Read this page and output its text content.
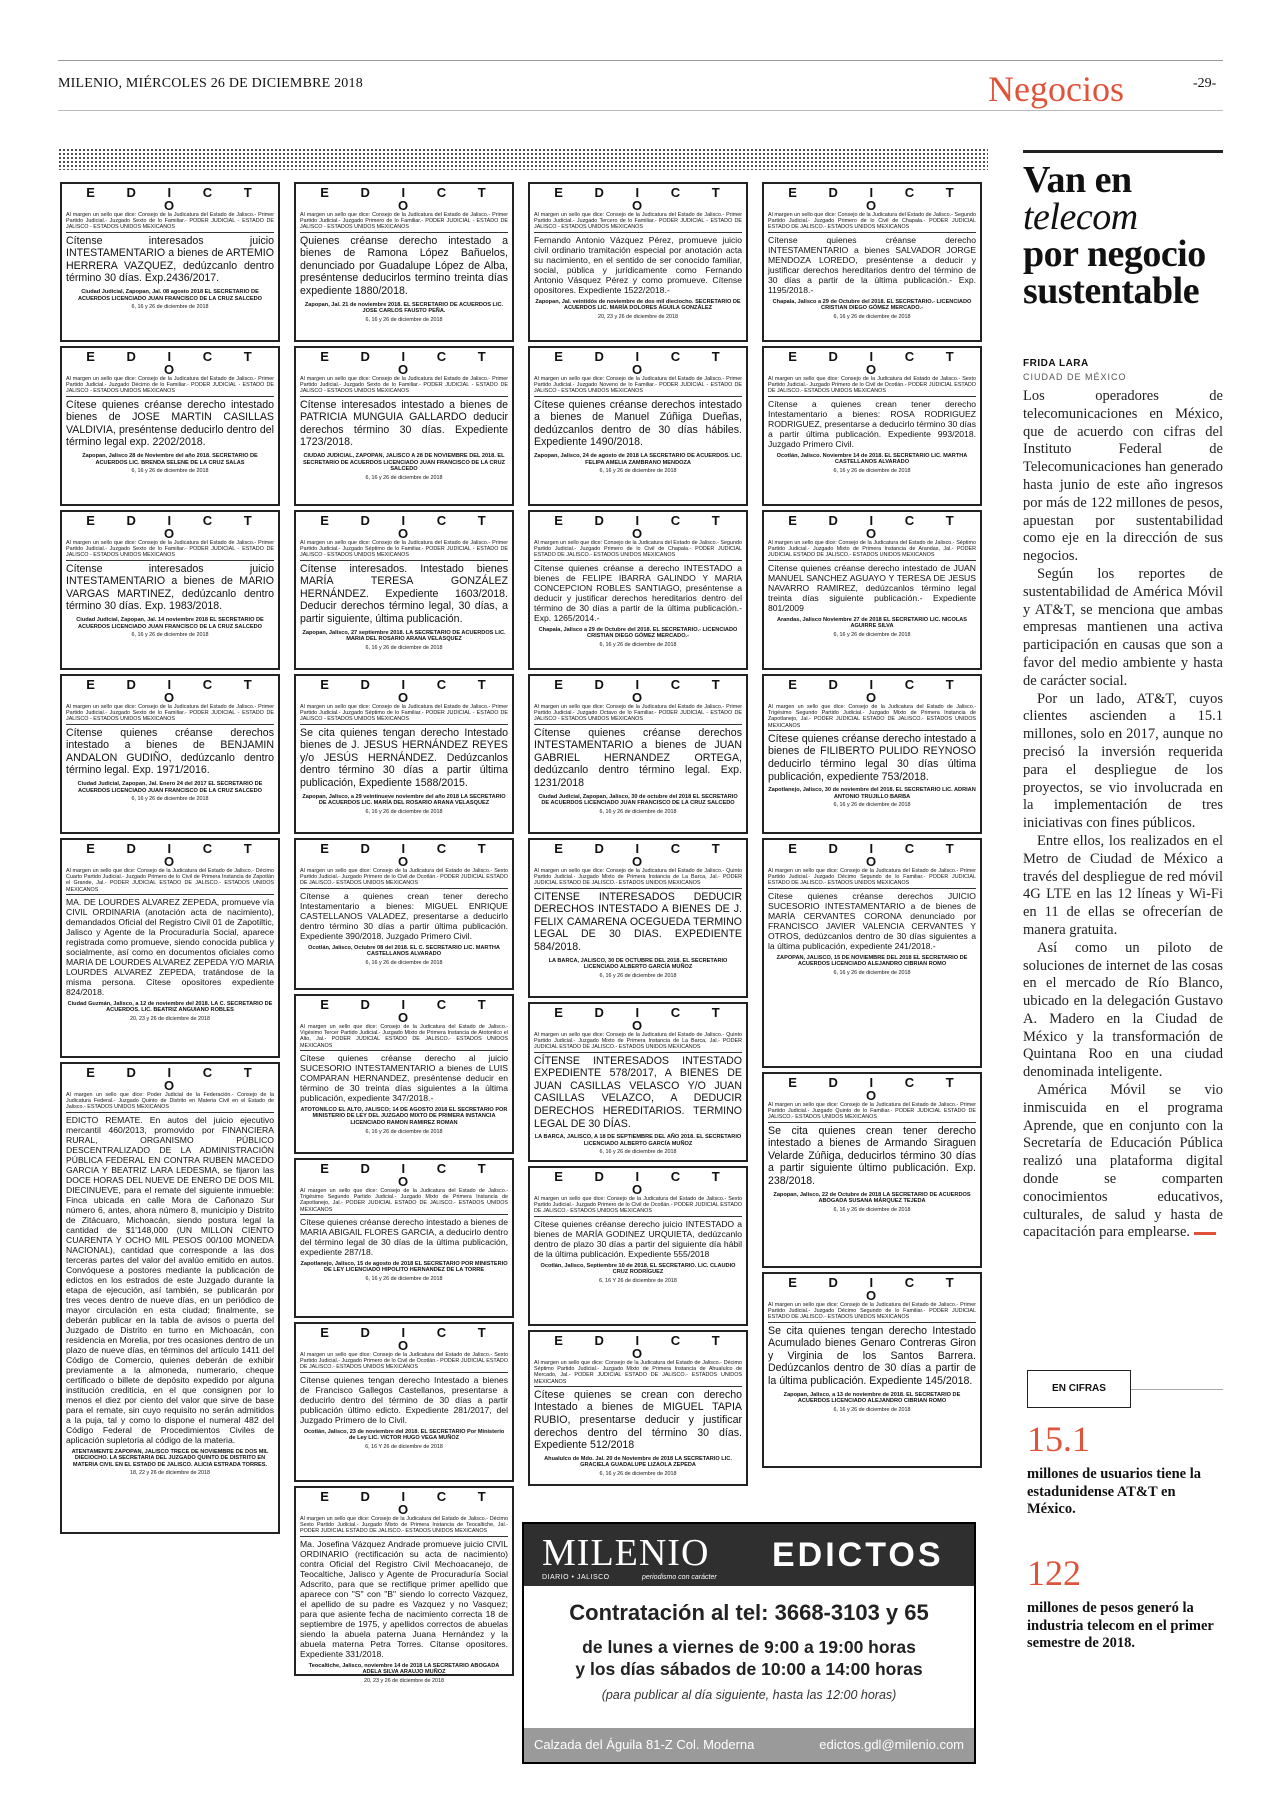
MILENIO, MIÉRCOLES 26 DE DICIEMBRE 2018	Negocios	-29-
E D I C T O
Al margen un sello que dice: Consejo de la Judicatura del Estado de Jalisco.- Primer Partido Judicial.- Juzgado Sexto de lo Familiar.- PODER JUDICIAL - ESTADO DE JALISCO - ESTADOS UNIDOS MEXICANOS
Cítense interesados juicio INTESTAMENTARIO a bienes de ARTEMIO HERRERA VAZQUEZ, dedúzcanlo dentro término 30 días. Exp.2436/2017.
Ciudad Judicial, Zapopan, Jal. 08 agosto 2018 EL SECRETARIO DE ACUERDOS LICENCIADO JUAN FRANCISCO DE LA CRUZ SALCEDO
6, 16 y 26 de diciembre de 2018
E D I C T O
Al margen un sello que dice: Consejo de la Judicatura del Estado de Jalisco.- Primer Partido Judicial.- Juzgado Décimo de lo Familiar.- PODER JUDICIAL - ESTADO DE JALISCO - ESTADOS UNIDOS MEXICANOS
Cítese quienes créanse derecho intestado bienes de JOSE MARTIN CASILLAS VALDIVIA, preséntense deducirlo dentro del término legal exp. 2202/2018.
Zapopan, Jalisco 28 de Noviembre del año 2018. SECRETARIO DE ACUERDOS LIC. BRENDA SELENE DE LA CRUZ SALAS
6, 16 y 26 de diciembre de 2018
E D I C T O
Al margen un sello que dice: Consejo de la Judicatura del Estado de Jalisco.- Primer Partido Judicial.- Juzgado Sexto de lo Familiar.- PODER JUDICIAL - ESTADO DE JALISCO - ESTADOS UNIDOS MEXICANOS
Cítense interesados juicio INTESTAMENTARIO a bienes de MARIO VARGAS MARTINEZ, dedúzcanlo dentro término 30 días. Exp. 1983/2018.
Ciudad Judicial, Zapopan, Jal. 14 noviembre 2018 EL SECRETARIO DE ACUERDOS LICENCIADO JUAN FRANCISCO DE LA CRUZ SALCEDO
6, 16 y 26 de diciembre de 2018
E D I C T O
Al margen un sello que dice: Consejo de la Judicatura del Estado de Jalisco.- Primer Partido Judicial.- Juzgado Sexto de lo Familiar.- PODER JUDICIAL - ESTADO DE JALISCO - ESTADOS UNIDOS MEXICANOS
Cítense quienes créanse derechos intestado a bienes de BENJAMIN ANDALON GUDIÑO, dedúzcanlo dentro término legal. Exp. 1971/2016.
Ciudad Judicial, Zapopan, Jal. Enero 24 del 2017 EL SECRETARIO DE ACUERDOS LICENCIADO JUAN FRANCISCO DE LA CRUZ SALCEDO
6, 16 y 26 de diciembre de 2018
E D I C T O
Al margen un sello que dice: Consejo de la Judicatura del Estado de Jalisco.- Décimo Cuarto Partido Judicial.- Juzgado Primero de lo Civil de Primera Instancia de Zapotlán el Grande, Jal.- PODER JUDICIAL ESTADO DE JALISCO.- ESTADOS UNIDOS MEXICANOS
MA. DE LOURDES ALVAREZ ZEPEDA, promueve vía CIVIL ORDINARIA (anotación acta de nacimiento), demandados Oficial del Registro Civil 01 de Zapotiltic, Jalisco y Agente de la Procuraduría Social, aparece registrada como promueve, siendo conocida publica y socialmente, así como en documentos oficiales como MARIA DE LOURDES ALVAREZ ZEPEDA Y/O MARIA LOURDES ALVAREZ ZEPEDA, tratándose de la misma persona. Cítese opositores expediente 824/2018.
Ciudad Guzmán, Jalisco, a 12 de noviembre del 2018. LA C. SECRETARIO DE ACUERDOS. LIC. BEATRIZ ANGUIANO ROBLES
20, 23 y 26 de diciembre de 2018
E D I C T O
Al margen un sello que dice: Poder Judicial de la Federación.- Consejo de la Judicatura Federal.- Juzgado Quinto de Distrito en Materia Civil en el Estado de Jalisco.- ESTADOS UNIDOS MEXICANOS
EDICTO REMATE. En autos del juicio ejecutivo mercantil 460/2013, promovido por FINANCIERA RURAL, ORGANISMO PÚBLICO DESCENTRALIZADO DE LA ADMINISTRACIÓN PÚBLICA FEDERAL EN CONTRA RUBEN MACEDO GARCIA Y BEATRIZ LARA LEDESMA, se fijaron las DOCE HORAS DEL NUEVE DE ENERO DE DOS MIL DIECINUEVE, para el remate del siguiente inmueble: Finca ubicada en calle Mora de Cañonazo Sur número 6, antes, ahora número 8, municipio y Distrito de Zitácuaro, Michoacán, siendo postura legal la cantidad de $1'148,000 (UN MILLON CIENTO CUARENTA Y OCHO MIL PESOS 00/100 MONEDA NACIONAL), cantidad que corresponde a las dos terceras partes del valor del avalúo emitido en autos. Convóquese a postores mediante la publicación de edictos en los estrados de este Juzgado durante la etapa de ejecución, así también, se publicarán por tres veces dentro de nueve días, en un periódico de mayor circulación en esta ciudad; finalmente, se deberán publicar en la tabla de avisos o puerta del Juzgado de Distrito en turno en Michoacán, con residencia en Morelia, por tres ocasiones dentro de un plazo de nueve días, en términos del artículo 1411 del Código de Comercio, quienes deberán de exhibir previamente a la almoneda, numerario, cheque certificado o billete de depósito expedido por alguna institución crediticia, en el que consignen por lo menos el diez por ciento del valor que sirve de base para el remate, sin cuyo requisito no serán admitidos a la puja, tal y como lo dispone el numeral 482 del Código Federal de Procedimientos Civiles de aplicación supletoria al código de la materia.
ATENTAMENTE ZAPOPAN, JALISCO TRECE DE NOVIEMBRE DE DOS MIL DIECIOCHO. LA SECRETARIA DEL JUZGADO QUINTO DE DISTRITO EN MATERIA CIVIL EN EL ESTADO DE JALISCO. ALICIA ESTRADA TORRES.
18, 22 y 26 de diciembre de 2018
E D I C T O
Al margen un sello que dice: Consejo de la Judicatura del Estado de Jalisco.- Primer Partido Judicial.- Juzgado Primero de lo Familiar.- PODER JUDICIAL - ESTADO DE JALISCO - ESTADOS UNIDOS MEXICANOS
Quienes créanse derecho intestado a bienes de Ramona López Bañuelos, denunciado por Guadalupe López de Alba, preséntense deducirlos termino treinta días expediente 1880/2018.
Zapopan, Jal. 21 de noviembre 2018. EL SECRETARIO DE ACUERDOS LIC. JOSE CARLOS FAUSTO PEÑA.
6, 16 y 26 de diciembre de 2018
E D I C T O
Al margen un sello que dice: Consejo de la Judicatura del Estado de Jalisco.- Primer Partido Judicial.- Juzgado Sexto de lo Familiar.- PODER JUDICIAL - ESTADO DE JALISCO - ESTADOS UNIDOS MEXICANOS
Cítense interesados intestado a bienes de PATRICIA MUNGUIA GALLARDO deducir derechos término 30 días. Expediente 1723/2018.
CIUDAD JUDICIAL, ZAPOPAN, JALISCO A 28 DE NOVIEMBRE DEL 2018. EL SECRETARIO DE ACUERDOS LICENCIADO JUAN FRANCISCO DE LA CRUZ SALCEDO
6, 16 y 26 de diciembre de 2018
E D I C T O
Al margen un sello que dice: Consejo de la Judicatura del Estado de Jalisco.- Primer Partido Judicial.- Juzgado Séptimo de lo Familiar.- PODER JUDICIAL - ESTADO DE JALISCO - ESTADOS UNIDOS MEXICANOS
Cítense interesados. Intestado bienes MARÍA TERESA GONZÁLEZ HERNÁNDEZ. Expediente 1603/2018. Deducir derechos término legal, 30 días, a partir siguiente, última publicación.
Zapopan, Jalisco, 27 septiembre 2018. LA SECRETARIO DE ACUERDOS LIC. MARIA DEL ROSARIO ARANA VELASQUEZ
6, 16 y 26 de diciembre de 2018
E D I C T O
Al margen un sello que dice: Consejo de la Judicatura del Estado de Jalisco.- Primer Partido Judicial.- Juzgado Séptimo de lo Familiar.- PODER JUDICIAL - ESTADO DE JALISCO - ESTADOS UNIDOS MEXICANOS
Se cita quienes tengan derecho Intestado bienes de J. JESUS HERNÁNDEZ REYES y/o JESÚS HERNÁNDEZ. Dedúzcanlos dentro término 30 días a partir última publicación, Expediente 1588/2015.
Zapopan, Jalisco, a 29 veintinueve noviembre del año 2018 LA SECRETARIO DE ACUERDOS LIC. MARÍA DEL ROSARIO ARANA VELASQUEZ
6, 16 y 26 de diciembre de 2018
E D I C T O
Al margen un sello que dice: Consejo de la Judicatura del Estado de Jalisco.- Sexto Partido Judicial.- Juzgado Primero de lo Civil de Ocotlán.- PODER JUDICIAL ESTADO DE JALISCO.- ESTADOS UNIDOS MEXICANOS
Cítense a quienes crean tener derecho Intestamentario a bienes: MIGUEL ENRIQUE CASTELLANOS VALADEZ, presentarse a deducirlo dentro término 30 días a partir última publicación. Expediente 390/2018. Juzgado Primero Civil.
Ocotlán, Jalisco, Octubre 08 del 2018. EL C. SECRETARIO LIC. MARTHA CASTELLANOS ALVARADO
6, 16 y 26 de diciembre de 2018
E D I C T O
Al margen un sello que dice: Consejo de la Judicatura del Estado de Jalisco.- Vigésimo Tercer Partido Judicial.- Juzgado Mixto de Primera Instancia de Atotonilco el Alto, Jal.- PODER JUDICIAL ESTADO DE JALISCO.- ESTADOS UNIDOS MEXICANOS
Cítese quienes créanse derecho al juicio SUCESORIO INTESTAMENTARIO a bienes de LUIS COMPARAN HERNANDEZ, preséntense deducir en término de 30 treinta días siguientes a la última publicación, expediente 347/2018.-
ATOTONILCO EL ALTO, JALISCO; 14 DE AGOSTO 2018 EL SECRETARIO POR MINISTERIO DE LEY DEL JUZGADO MIXTO DE PRIMERA INSTANCIA LICENCIADO RAMON RAMIREZ ROMAN
6, 16 y 26 de diciembre de 2018
E D I C T O
Al margen un sello que dice: Consejo de la Judicatura del Estado de Jalisco.- Trigésimo Segundo Partido Judicial.- Juzgado Mixto de Primera Instancia de Zapotlanejo, Jal.- PODER JUDICIAL ESTADO DE JALISCO.- ESTADOS UNIDOS MEXICANOS
Cítese quienes créanse derecho intestado a bienes de MARIA ABIGAIL FLORES GARCIA, a deducirlo dentro del término legal de 30 días de la última publicación, expediente 287/18.
Zapotlanejo, Jalisco, 15 de agosto de 2018 EL SECRETARIO POR MINISTERIO DE LEY LICENCIADO HIPOLITO HERNANDEZ DE LA TORRE
6, 16 y 26 de diciembre de 2018
E D I C T O
Al margen un sello que dice: Consejo de la Judicatura del Estado de Jalisco.- Sexto Partido Judicial.- Juzgado Primero de lo Civil de Ocotlán.- PODER JUDICIAL ESTADO DE JALISCO.- ESTADOS UNIDOS MEXICANOS
Cítense quienes tengan derecho Intestado a bienes de Francisco Gallegos Castellanos, presentarse a deducirlo dentro del término de 30 días a partir publicación último edicto. Expediente 281/2017, del Juzgado Primero de lo Civil.
Ocotlán, Jalisco, 23 de noviembre del 2018. EL SECRETARIO Por Ministerio de Ley LIC. VICTOR HUGO VEGA MUÑOZ
6, 16 Y 26 de diciembre de 2018
E D I C T O
Al margen un sello que dice: Consejo de la Judicatura del Estado de Jalisco.- Décimo Sexto Partido Judicial.- Juzgado Mixto de Primera Instancia de Teocaltiche, Jal.- PODER JUDICIAL ESTADO DE JALISCO.- ESTADOS UNIDOS MEXICANOS
Ma. Josefina Vázquez Andrade promueve juicio CIVIL ORDINARIO (rectificación su acta de nacimiento) contra Oficial del Registro Civil Mechoacanejo, de Teocaltiche, Jalisco y Agente de Procuraduría Social Adscrito, para que se rectifique primer apellido que aparece con "S" con "B" siendo lo correcto Vazquez, el apellido de su padre es Vazquez y no Vasquez; para que asiente fecha de nacimiento correcta 18 de septiembre de 1975, y apellidos correctos de abuelas siendo la abuela paterna Juana Hernández y la abuela materna Petra Torres. Cítanse opositores. Expediente 331/2018.
Teocaltiche, Jalisco, noviembre 14 de 2018 LA SECRETARIO ABOGADA ADELA SILVA ARAUJO MUÑOZ
20, 23 y 26 de diciembre de 2018
E D I C T O
Al margen un sello que dice: Consejo de la Judicatura del Estado de Jalisco.- Primer Partido Judicial.- Juzgado Tercero de lo Familiar.- PODER JUDICIAL - ESTADO DE JALISCO - ESTADOS UNIDOS MEXICANOS
Fernando Antonio Vázquez Pérez, promueve juicio civil ordinario tramitación especial por anotación acta su nacimiento, en el sentido de ser conocido familiar, social, pública y jurídicamente como Fernando Antonio Vásquez Pérez y como promueve. Cítense opositores. Expediente 1522/2018.-
Zapopan, Jal. veintidós de noviembre de dos mil dieciocho. SECRETARIO DE ACUERDOS LIC. MARÍA DOLORES ÁGUILA GONZÁLEZ
20, 23 y 26 de diciembre de 2018
E D I C T O
Al margen un sello que dice: Consejo de la Judicatura del Estado de Jalisco.- Primer Partido Judicial.- Juzgado Noveno de lo Familiar.- PODER JUDICIAL - ESTADO DE JALISCO - ESTADOS UNIDOS MEXICANOS
Cítese quienes créanse derechos intestado a bienes de Manuel Zúñiga Dueñas, dedúzcanlos dentro de 30 días hábiles. Expediente 1490/2018.
Zapopan, Jalisco, 24 de agosto de 2018 LA SECRETARIO DE ACUERDOS. LIC. FELIPA AMELIA ZAMBRANO MENDOZA
6, 16 y 26 de diciembre de 2018
E D I C T O
Al margen un sello que dice: Consejo de la Judicatura del Estado de Jalisco.- Segundo Partido Judicial.- Juzgado Primero de lo Civil de Chapala.- PODER JUDICIAL ESTADO DE JALISCO.- ESTADOS UNIDOS MEXICANOS
Cítense quienes créanse a derecho INTESTADO a bienes de FELIPE IBARRA GALINDO Y MARIA CONCEPCION ROBLES SANTIAGO, preséntense a deducir y justificar derechos hereditarios dentro del término de 30 días a partir de la última publicación.- Exp. 1265/2014.-
Chapala, Jalisco a 29 de Octubre del 2018. EL SECRETARIO.- LICENCIADO CRISTIAN DIEGO GÓMEZ MERCADO.-
6, 16 y 26 de diciembre de 2018
E D I C T O
Al margen un sello que dice: Consejo de la Judicatura del Estado de Jalisco.- Primer Partido Judicial.- Juzgado Octavo de lo Familiar.- PODER JUDICIAL - ESTADO DE JALISCO - ESTADOS UNIDOS MEXICANOS
Cítense quienes créanse derechos INTESTAMENTARIO a bienes de JUAN GABRIEL HERNANDEZ ORTEGA, dedúzcanlo dentro término legal. Exp. 1231/2018
Ciudad Judicial, Zapopan, Jalisco, 30 de octubre del 2018 EL SECRETARIO DE ACUERDOS LICENCIADO JUAN FRANCISCO DE LA CRUZ SALCEDO
6, 16 y 26 de diciembre de 2018
E D I C T O
Al margen un sello que dice: Consejo de la Judicatura del Estado de Jalisco.- Quinto Partido Judicial.- Juzgado Mixto de Primera Instancia de La Barca, Jal.- PODER JUDICIAL ESTADO DE JALISCO.- ESTADOS UNIDOS MEXICANOS
CITENSE INTERESADOS DEDUCIR DERECHOS INTESTADO A BIENES DE J. FELIX CAMARENA OCEGUEDA TERMINO LEGAL DE 30 DIAS. EXPEDIENTE 584/2018.
LA BARCA, JALISCO, 30 DE OCTUBRE DEL 2018. EL SECRETARIO LICENCIADO ALBERTO GARCÍA MUÑOZ
6, 16 y 26 de diciembre de 2018
E D I C T O
Al margen un sello que dice: Consejo de la Judicatura del Estado de Jalisco.- Quinto Partido Judicial.- Juzgado Mixto de Primera Instancia de La Barca, Jal.- PODER JUDICIAL ESTADO DE JALISCO.- ESTADOS UNIDOS MEXICANOS
CÍTENSE INTERESADOS INTESTADO EXPEDIENTE 578/2017, A BIENES DE JUAN CASILLAS VELASCO Y/O JUAN CASILLAS VELAZCO, A DEDUCIR DERECHOS HEREDITARIOS. TERMINO LEGAL DE 30 DÍAS.
LA BARCA, JALISCO, A 18 DE SEPTIEMBRE DEL AÑO 2018. EL SECRETARIO LICENCIADO ALBERTO GARCÍA MUÑOZ
6, 16 y 26 de diciembre de 2018
E D I C T O
Al margen un sello que dice: Consejo de la Judicatura del Estado de Jalisco.- Sexto Partido Judicial.- Juzgado Primero de lo Civil de Ocotlán.- PODER JUDICIAL ESTADO DE JALISCO.- ESTADOS UNIDOS MEXICANOS
Cítese quienes créanse derecho juicio INTESTADO a bienes de MARÍA GODINEZ URQUIETA, dedúzcanlo dentro de plazo 30 días a partir del siguiente día hábil de la última publicación. Expediente 555/2018
Ocotlán, Jalisco, Septiembre 10 de 2018. EL SECRETARIO. LIC. CLAUDIO CRUZ RODRÍGUEZ
6, 16 Y 26 de diciembre de 2018
E D I C T O
Al margen un sello que dice: Consejo de la Judicatura del Estado de Jalisco.- Décimo Séptimo Partido Judicial.- Juzgado Mixto de Primera Instancia de Ahualulco de Mercado, Jal.- PODER JUDICIAL ESTADO DE JALISCO.- ESTADOS UNIDOS MEXICANOS
Cítese quienes se crean con derecho Intestado a bienes de MIGUEL TAPIA RUBIO, presentarse deducir y justificar derechos dentro del término 30 días. Expediente 512/2018
Ahualulco de Mdo. Jal. 20 de Noviembre de 2018 LA SECRETARIO LIC. GRACIELA GUADALUPE LIZAOLA ZEPEDA
6, 16 y 26 de diciembre de 2018
E D I C T O
Al margen un sello que dice: Consejo de la Judicatura del Estado de Jalisco.- Segundo Partido Judicial.- Juzgado Primero de lo Civil de Chapala.- PODER JUDICIAL ESTADO DE JALISCO.- ESTADOS UNIDOS MEXICANOS
Cítense quienes créanse derecho INTESTAMENTARIO a bienes SALVADOR JORGE MENDOZA LOREDO, preséntense a deducir y justificar derechos hereditarios dentro del término de 30 días a partir de la última publicación.- Exp. 1195/2018.-
Chapala, Jalisco a 29 de Octubre del 2018. EL SECRETARIO.- LICENCIADO CRISTIAN DIEGO GÓMEZ MERCADO.-
6, 16 y 26 de diciembre de 2018
E D I C T O
Al margen un sello que dice: Consejo de la Judicatura del Estado de Jalisco.- Sexto Partido Judicial.- Juzgado Primero de lo Civil de Ocotlán.- PODER JUDICIAL ESTADO DE JALISCO.- ESTADOS UNIDOS MEXICANOS
Cítense a quienes crean tener derecho Intestamentario a bienes: ROSA RODRIGUEZ RODRIGUEZ, presentarse a deducirlo término 30 días a partir última publicación. Expediente 993/2018. Juzgado Primero Civil.
Ocotlán, Jalisco. Noviembre 14 de 2018. EL SECRETARIO LIC. MARTHA CASTELLANOS ALVARADO
6, 16 y 26 de diciembre de 2018
E D I C T O
Al margen un sello que dice: Consejo de la Judicatura del Estado de Jalisco.- Séptimo Partido Judicial.- Juzgado Mixto de Primera Instancia de Arandas, Jal.- PODER JUDICIAL ESTADO DE JALISCO.- ESTADOS UNIDOS MEXICANOS
Cítense quienes créanse derecho intestado de JUAN MANUEL SANCHEZ AGUAYO Y TERESA DE JESUS NAVARRO RAMIREZ, dedúzcanlos término legal treinta días siguiente publicación.- Expediente 801/2009
Arandas, Jalisco Noviembre 27 de 2018 EL SECRETARIO LIC. NICOLAS AGUIRRE SILVA
6, 16 y 26 de diciembre de 2018
E D I C T O
Al margen un sello que dice: Consejo de la Judicatura del Estado de Jalisco.- Trigésimo Segundo Partido Judicial.- Juzgado Mixto de Primera Instancia de Zapotlanejo, Jal.- PODER JUDICIAL ESTADO DE JALISCO.- ESTADOS UNIDOS MEXICANOS
Cítese quienes créanse derecho intestado a bienes de FILIBERTO PULIDO REYNOSO deducirlo término legal 30 días última publicación, expediente 753/2018.
Zapotlanejo, Jalisco, 30 de noviembre del 2018. EL SECRETARIO LIC. ADRIAN ANTONIO TRUJILLO BARBA
6, 16 y 26 de diciembre de 2018
E D I C T O
Al margen un sello que dice: Consejo de la Judicatura del Estado de Jalisco.- Primer Partido Judicial.- Juzgado Décimo Segundo de lo Familiar.- PODER JUDICIAL ESTADO DE JALISCO.- ESTADOS UNIDOS MEXICANOS
Cítese quienes créanse derechos JUICIO SUCESORIO INTESTAMENTARIO a de bienes de MARÍA CERVANTES CORONA denunciado por FRANCISCO JAVIER VALENCIA CERVANTES Y OTROS, dedúzcanlos dentro de 30 días siguientes a la última publicación, expediente 241/2018.-
ZAPOPAN, JALISCO, 15 DE NOVIEMBRE DEL 2018 EL SECRETARIO DE ACUERDOS LICENCIADO ALEJANDRO CIBRIAN ROMO
6, 16 y 26 de diciembre de 2018
E D I C T O
Al margen un sello que dice: Consejo de la Judicatura del Estado de Jalisco.- Primer Partido Judicial.- Juzgado Quinto de lo Familiar.- PODER JUDICIAL ESTADO DE JALISCO.- ESTADOS UNIDOS MEXICANOS
Se cita quienes crean tener derecho intestado a bienes de Armando Siraguen Velarde Zúñiga, deducirlos término 30 días a partir siguiente último publicación. Exp. 238/2018.
Zapopan, Jalisco, 22 de Octubre de 2018 LA SECRETARIO DE ACUERDOS ABOGADA SUSANA MÁRQUEZ TEJEDA
6, 16 y 26 de diciembre de 2018
E D I C T O
Al margen un sello que dice: Consejo de la Judicatura del Estado de Jalisco.- Primer Partido Judicial.- Juzgado Décimo Segundo de lo Familiar.- PODER JUDICIAL ESTADO DE JALISCO.- ESTADOS UNIDOS MEXICANOS
Se cita quienes tengan derecho Intestado Acumulado bienes Genaro Contreras Giron y Virginia de los Santos Barrera. Dedúzcanlos dentro de 30 días a partir de la última publicación. Expediente 145/2018.
Zapopan, Jalisco, a 13 de noviembre de 2018. EL SECRETARIO DE ACUERDOS LICENCIADO ALEJANDRO CIBRIAN ROMO
6, 16 y 26 de diciembre de 2018
MILENIO
DIARIO • JALISCO	periodismo con carácter
EDICTOS
Contratación al tel: 3668-3103 y 65
de lunes a viernes de 9:00 a 19:00 horas
y los días sábados de 10:00 a 14:00 horas
(para publicar al día siguiente, hasta las 12:00 horas)
Calzada del Águila 81-Z Col. Moderna	edictos.gdl@milenio.com
Van en
telecom
por negocio
sustentable
FRIDA LARA
CIUDAD DE MÉXICO

Los operadores de telecomunicaciones en México, que de acuerdo con cifras del Instituto Federal de Telecomunicaciones han generado hasta junio de este año ingresos por más de 122 millones de pesos, apuestan por sustentabilidad como eje en la dirección de sus negocios.

Según los reportes de sustentabilidad de América Móvil y AT&T, se menciona que ambas empresas mantienen una activa participación en causas que son a favor del medio ambiente y hasta de carácter social.

Por un lado, AT&T, cuyos clientes ascienden a 15.1 millones, solo en 2017, aunque no precisó la inversión requerida para el despliegue de los proyectos, se vio involucrada en la implementación de tres iniciativas con fines públicos.

Entre ellos, los realizados en el Metro de Ciudad de México a través del despliegue de red móvil 4G LTE en las 12 líneas y Wi-Fi en 11 de ellas se ofrecerían de manera gratuita.

Así como un piloto de soluciones de internet de las cosas en el mercado de Río Blanco, ubicado en la delegación Gustavo A. Madero en la Ciudad de México y la transformación de Quintana Roo en una ciudad denominada inteligente.

América Móvil se vio inmiscuida en el programa Aprende, que en conjunto con la Secretaría de Educación Pública realizó una plataforma digital donde se comparten conocimientos educativos, culturales, de salud y hasta de capacitación para emplearse.

EN CIFRAS
15.1
millones de usuarios tiene la estadunidense AT&T en México.
122
millones de pesos generó la industria telecom en el primer semestre de 2018.
